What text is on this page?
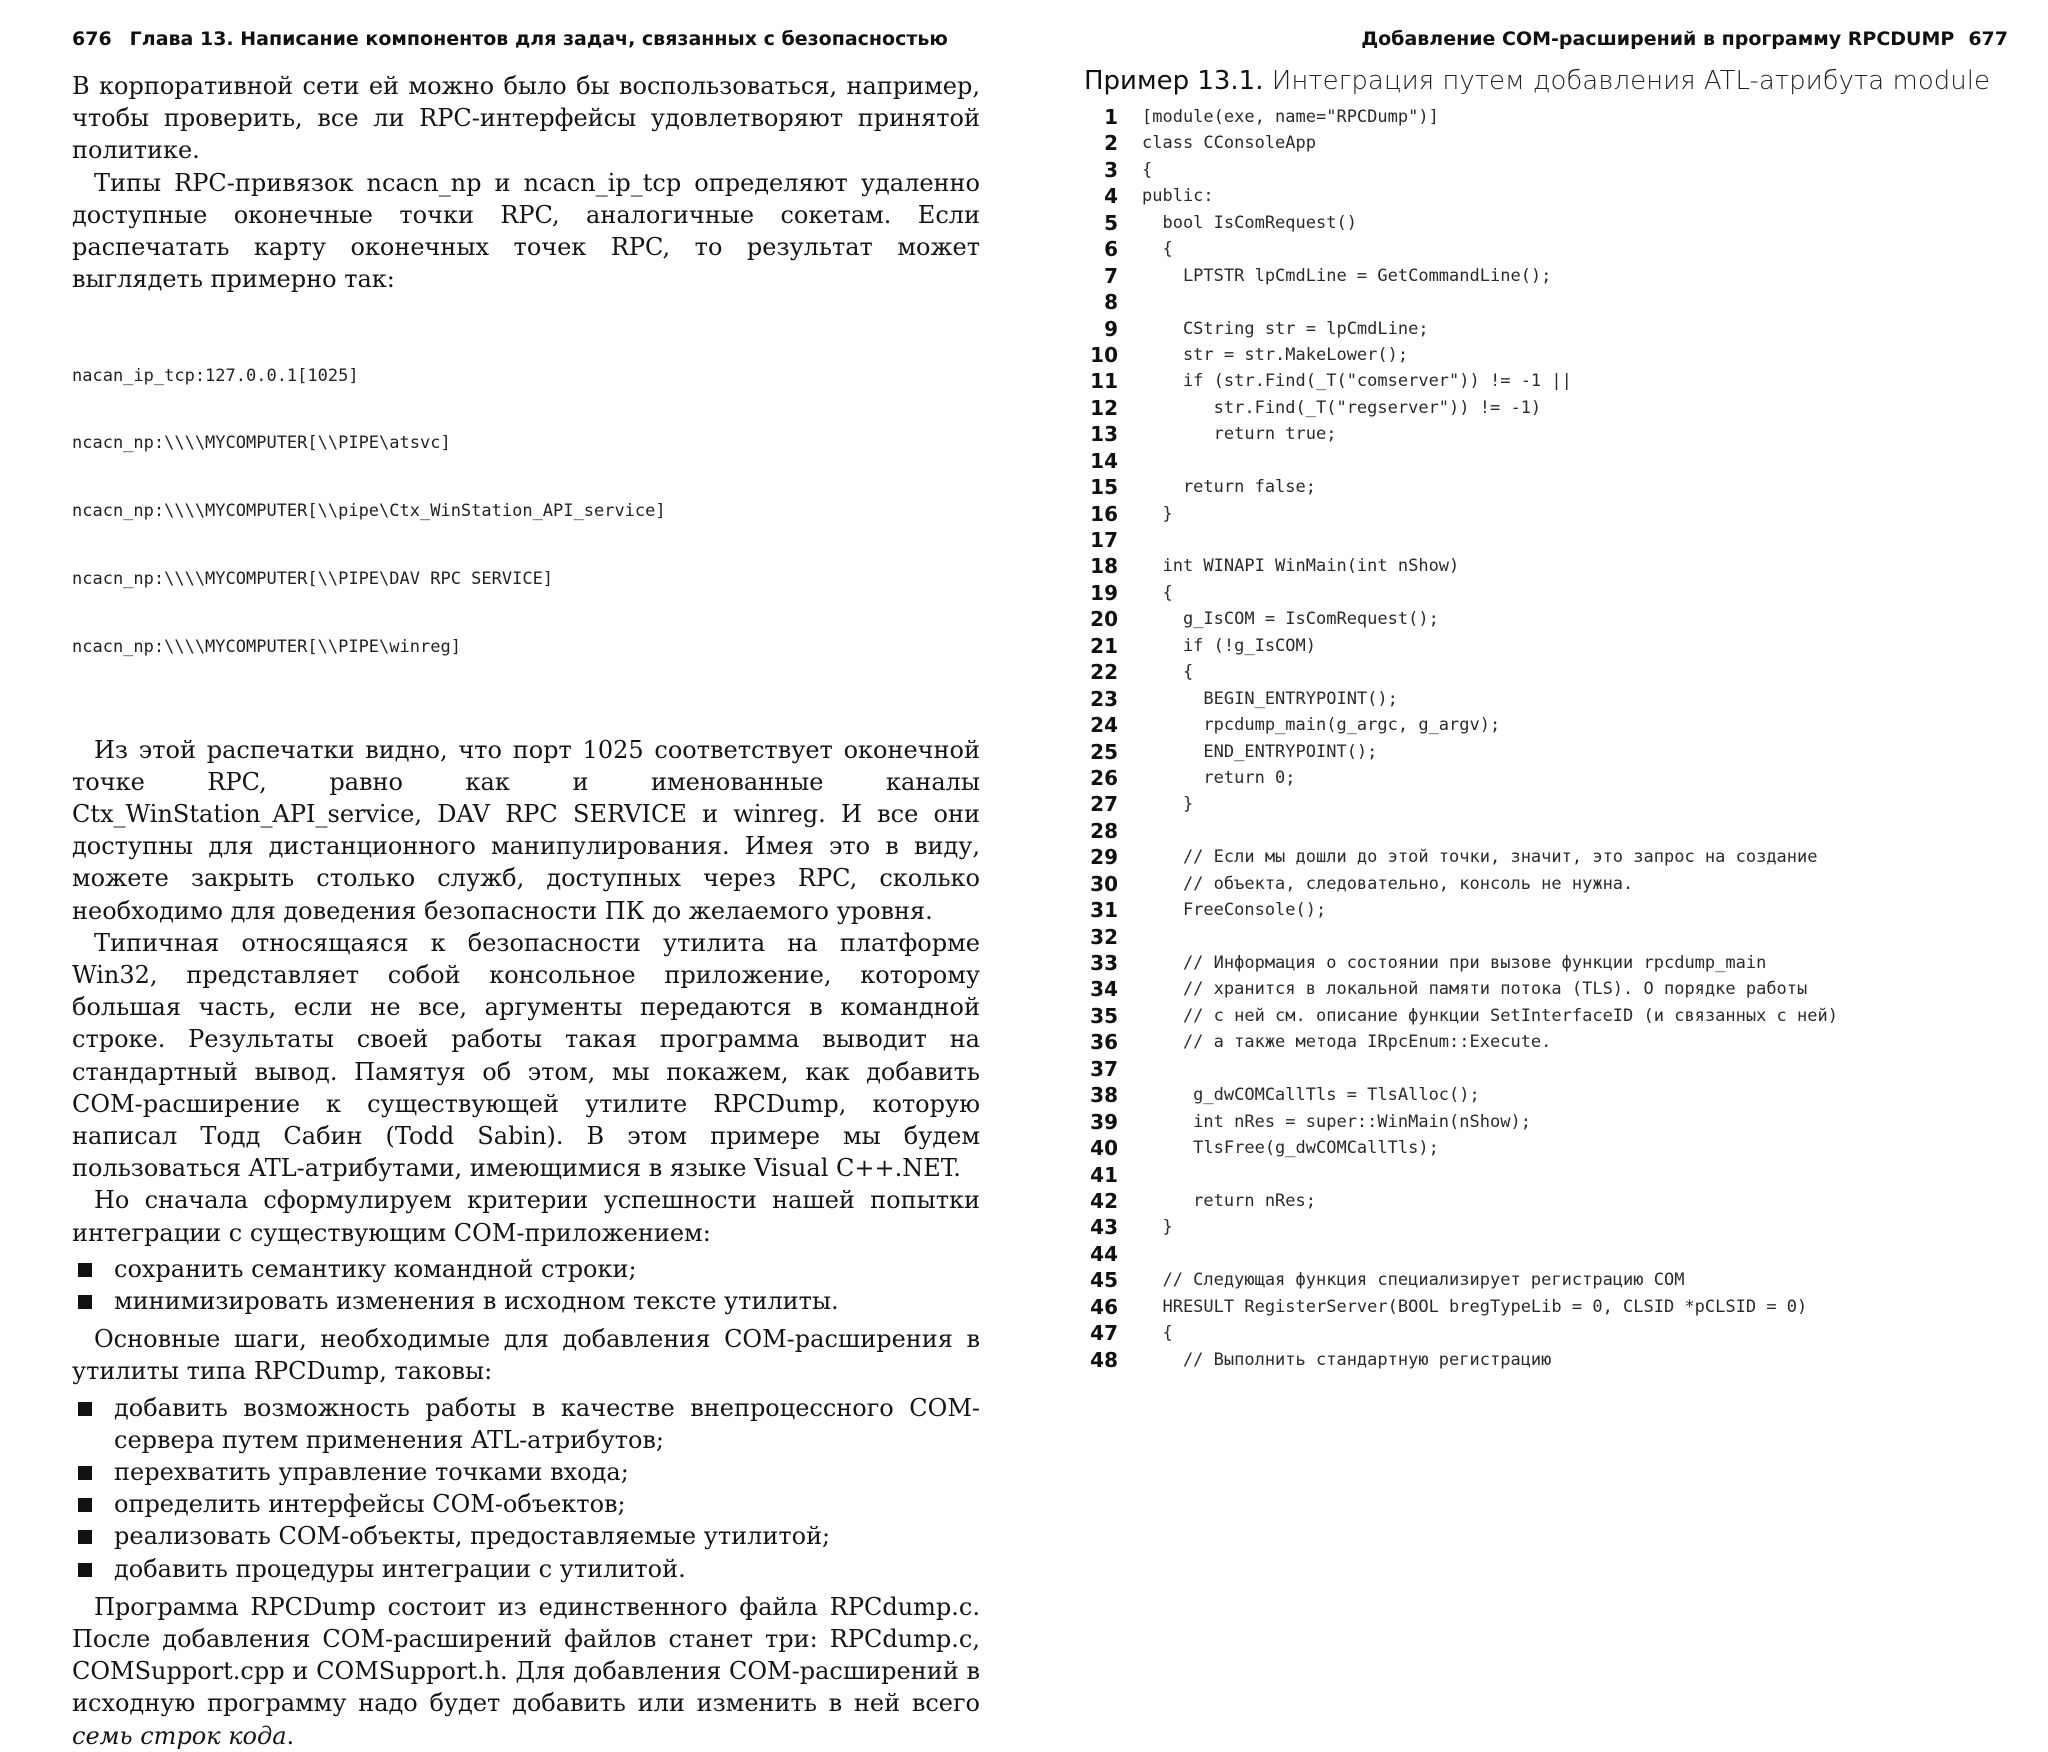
676 Глава 13. Написание компонентов для задач, связанных с безопасностью

В корпоративной сети ей можно было бы воспользоваться, например, чтобы проверить, все ли RPC-интерфейсы удовлетворяют принятой политике.

Типы RPC-привязок ncacn_np и ncacn_ip_tcp определяют удаленно доступные оконечные точки RPC, аналогичные сокетам. Если распечатать карту оконечных точек RPC, то результат может выглядеть примерно так:

nacan_ip_tcp:127.0.0.1[1025]

ncacn_np:\\\\MYCOMPUTER[\\PIPE\atsvc]

ncacn_np:\\\\MYCOMPUTER[\\pipe\Ctx_WinStation_API_service]

ncacn_np:\\\\MYCOMPUTER[\\PIPE\DAV RPC SERVICE]

ncacn_np:\\\\MYCOMPUTER[\\PIPE\winreg]

Из этой распечатки видно, что порт 1025 соответствует оконечной точке RPC, равно как и именованные каналы Ctx_WinStation_API_service, DAV RPC SERVICE и winreg. И все они доступны для дистанционного манипулирования. Имея это в виду, можете закрыть столько служб, доступных через RPC, сколько необходимо для доведения безопасности ПК до желаемого уровня.

Типичная относящаяся к безопасности утилита на платформе Win32, представляет собой консольное приложение, которому большая часть, если не все, аргументы передаются в командной строке. Результаты своей работы такая программа выводит на стандартный вывод. Памятуя об этом, мы покажем, как добавить COM-расширение к существующей утилите RPCDump, которую написал Тодд Сабин (Todd Sabin). В этом примере мы будем пользоваться ATL-атрибутами, имеющимися в языке Visual C++.NET.

Но сначала сформулируем критерии успешности нашей попытки интеграции с существующим COM-приложением:

сохранить семантику командной строки;
минимизировать изменения в исходном тексте утилиты.

Основные шаги, необходимые для добавления COM-расширения в утилиты типа RPCDump, таковы:

добавить возможность работы в качестве внепроцессного COM-сервера путем применения ATL-атрибутов;
перехватить управление точками входа;
определить интерфейсы COM-объектов;
реализовать COM-объекты, предоставляемые утилитой;
добавить процедуры интеграции с утилитой.

Программа RPCDump состоит из единственного файла RPCdump.c. После добавления COM-расширений файлов станет три: RPCdump.c, COMSupport.cpp и COMSupport.h. Для добавления COM-расширений в исходную программу надо будет добавить или изменить в ней всего семь строк кода.

Добавление COM-расширений в программу RPCDUMP 677
Пример 13.1. Интеграция путем добавления ATL-атрибута module
1 [module(exe, name="RPCDump")]
2 class CConsoleApp
3 {
4 public:
5 bool IsComRequest()
6 {
7 LPTSTR lpCmdLine = GetCommandLine();
8
9 CString str = lpCmdLine;
10 str = str.MakeLower();
11 if (str.Find(_T("comserver")) != -1 ||
12 str.Find(_T("regserver")) != -1)
13 return true;
14
15 return false;
16 }
17
18 int WINAPI WinMain(int nShow)
19 {
20 g_IsCOM = IsComRequest();
21 if (!g_IsCOM)
22 {
23 BEGIN_ENTRYPOINT();
24 rpcdump_main(g_argc, g_argv);
25 END_ENTRYPOINT();
26 return 0;
27 }
28
29 // Если мы дошли до этой точки, значит, это запрос на создание
30 // объекта, следовательно, консоль не нужна.
31 FreeConsole();
32
33 // Информация о состоянии при вызове функции rpcdump_main
34 // хранится в локальной памяти потока (TLS). О порядке работы
35 // с ней см. описание функции SetInterfaceID (и связанных с ней)
36 // а также метода IRpcEnum::Execute.
37
38 g_dwCOMCallTls = TlsAlloc();
39 int nRes = super::WinMain(nShow);
40 TlsFree(g_dwCOMCallTls);
41
42 return nRes;
43 }
44
45 // Следующая функция специализирует регистрацию COM
46 HRESULT RegisterServer(BOOL bregTypeLib = 0, CLSID *pCLSID = 0)
47 {
48 // Выполнить стандартную регистрацию
